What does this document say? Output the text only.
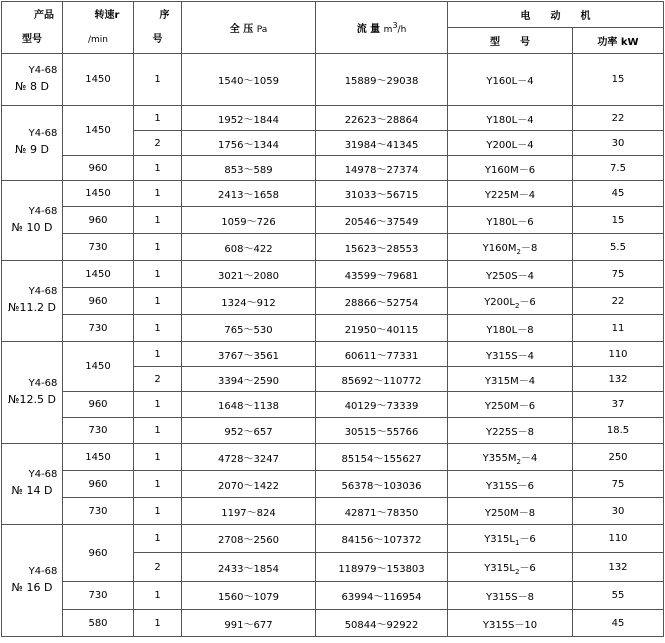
产品
型号	转速r
/min	序
号	全 压 Pa	流 量 $m^3/h$	电　　动　　机	
					型　　号	功率 kW

Y4-68
№ 8 D	1450	1	1540～1059	15889～29038	Y160L－4	15

Y4-68
№ 9 D	1450	1	1952～1844	22623～28864	Y180L－4	22
		2	1756～1344	31984～41345	Y200L－4	30
	960	1	853～589	14978～27374	Y160M－6	7.5

Y4-68
№ 10 D	1450	1	2413～1658	31033～56715	Y225M－4	45
	960	1	1059～726	20546～37549	Y180L－6	15
	730	1	608～422	15623～28553	$Y160M_2-8$	5.5

Y4-68
№11.2 D	1450	1	3021～2080	43599～79681	Y250S－4	75
	960	1	1324～912	28866～52754	$Y200L_2-6$	22
	730	1	765～530	21950～40115	Y180L－8	11

Y4-68
№12.5 D	1450	1	3767～3561	60611～77331	Y315S－4	110
		2	3394～2590	85692～110772	Y315M－4	132
	960	1	1648～1138	40129～73339	Y250M－6	37
	730	1	952～657	30515～55766	Y225S－8	18.5

Y4-68
№ 14 D	1450	1	4728～3247	85154～155627	$Y355M_2-4$	250
	960	1	2070～1422	56378～103036	Y315S－6	75
	730	1	1197～824	42871～78350	Y250M－8	30

Y4-68
№ 16 D	960	1	2708～2560	84156～107372	$Y315L_1-6$	110
		2	2433～1854	118979～153803	$Y315L_2-6$	132
	730	1	1560～1079	63994～116954	Y315S－8	55
	580	1	991～677	50844～92922	Y315S－10	45
